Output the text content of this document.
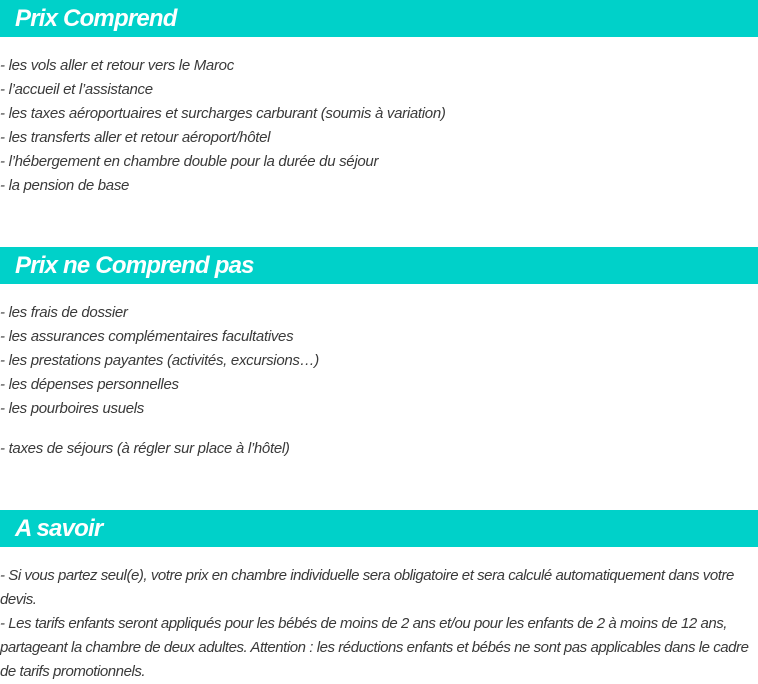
Prix Comprend
- les vols aller et retour vers le Maroc
- l’accueil et l’assistance
- les taxes aéroportuaires et surcharges carburant (soumis à variation)
- les transferts aller et retour aéroport/hôtel
- l’hébergement en chambre double pour la durée du séjour
- la pension de base
Prix ne Comprend pas
- les frais de dossier
- les assurances complémentaires facultatives
- les prestations payantes (activités, excursions…)
- les dépenses personnelles
- les pourboires usuels
- taxes de séjours (à régler sur place à l’hôtel)
A savoir

- Si vous partez seul(e), votre prix en chambre individuelle sera obligatoire et sera calculé automatiquement dans votre devis.

- Les tarifs enfants seront appliqués pour les bébés de moins de 2 ans et/ou pour les enfants de 2 à moins de 12 ans, partageant la chambre de deux adultes. Attention : les réductions enfants et bébés ne sont pas applicables dans le cadre de tarifs promotionnels.
